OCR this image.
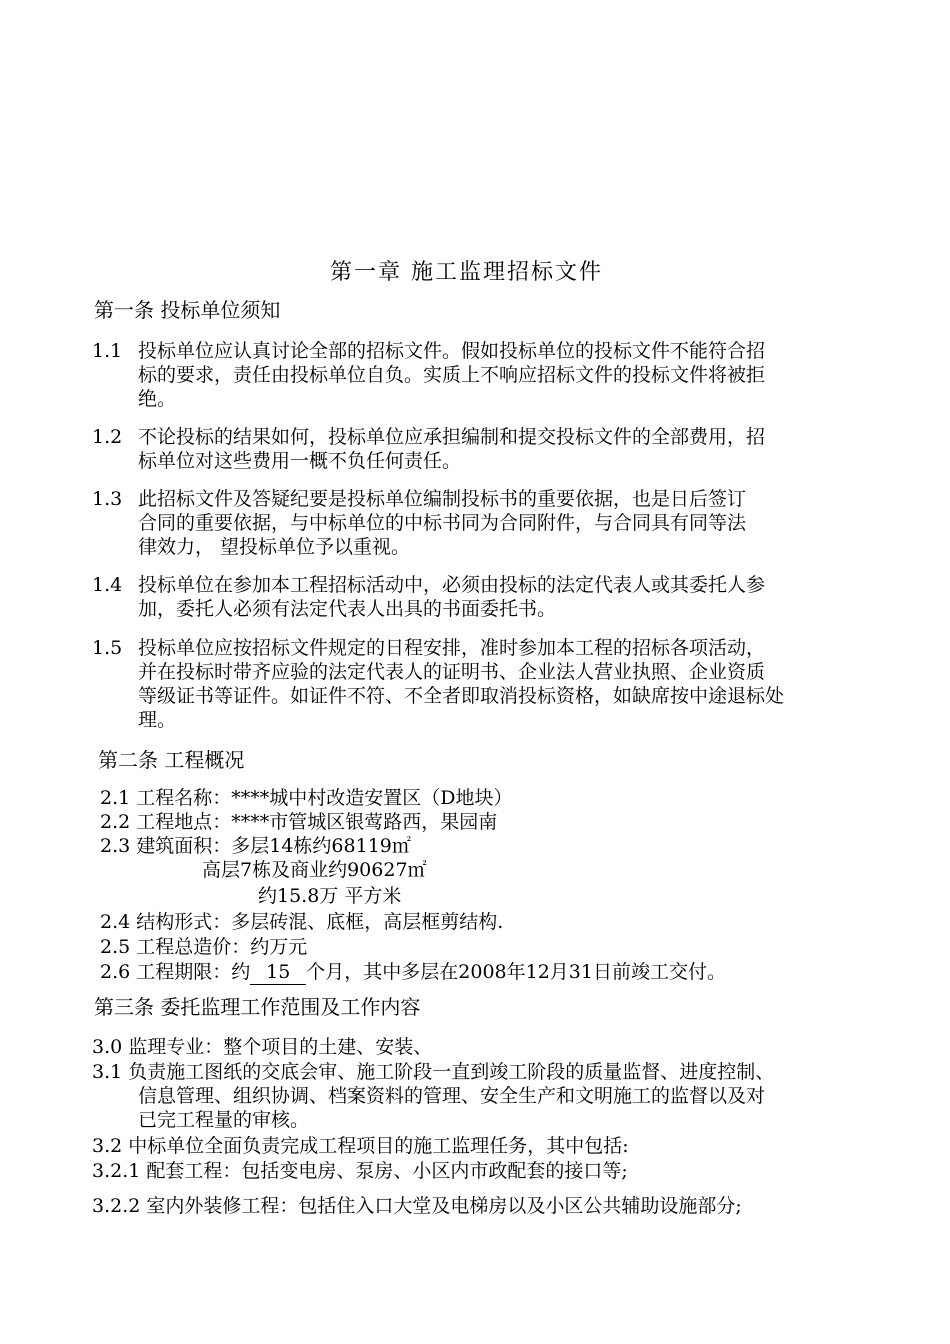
第一章 施工监理招标文件
第一条 投标单位须知
1.1 投标单位应认真讨论全部的招标文件。假如投标单位的投标文件不能符合招
标的要求，责任由投标单位自负。实质上不响应招标文件的投标文件将被拒
绝。
1.2 不论投标的结果如何，投标单位应承担编制和提交投标文件的全部费用，招
标单位对这些费用一概不负任何责任。
1.3 此招标文件及答疑纪要是投标单位编制投标书的重要依据，也是日后签订
合同的重要依据，与中标单位的中标书同为合同附件，与合同具有同等法
律效力， 望投标单位予以重视。
1.4 投标单位在参加本工程招标活动中，必须由投标的法定代表人或其委托人参
加，委托人必须有法定代表人出具的书面委托书。
1.5 投标单位应按招标文件规定的日程安排，准时参加本工程的招标各项活动，
并在投标时带齐应验的法定代表人的证明书、企业法人营业执照、企业资质
等级证书等证件。如证件不符、不全者即取消投标资格，如缺席按中途退标处
理。
第二条 工程概况
2.1 工程名称：****城中村改造安置区（D地块）
2.2 工程地点：****市管城区银莺路西，果园南
2.3 建筑面积：多层14栋约68119㎡
高层7栋及商业约90627㎡
约15.8万 平方米
2.4 结构形式：多层砖混、底框，高层框剪结构.
2.5 工程总造价：约万元
2.6 工程期限：约 15 个月，其中多层在2008年12月31日前竣工交付。
第三条 委托监理工作范围及工作内容
3.0 监理专业：整个项目的土建、安装、
3.1 负责施工图纸的交底会审、施工阶段一直到竣工阶段的质量监督、进度控制、
信息管理、组织协调、档案资料的管理、安全生产和文明施工的监督以及对
已完工程量的审核。
3.2 中标单位全面负责完成工程项目的施工监理任务，其中包括:
3.2.1 配套工程：包括变电房、泵房、小区内市政配套的接口等;
3.2.2 室内外装修工程：包括住入口大堂及电梯房以及小区公共辅助设施部分;
